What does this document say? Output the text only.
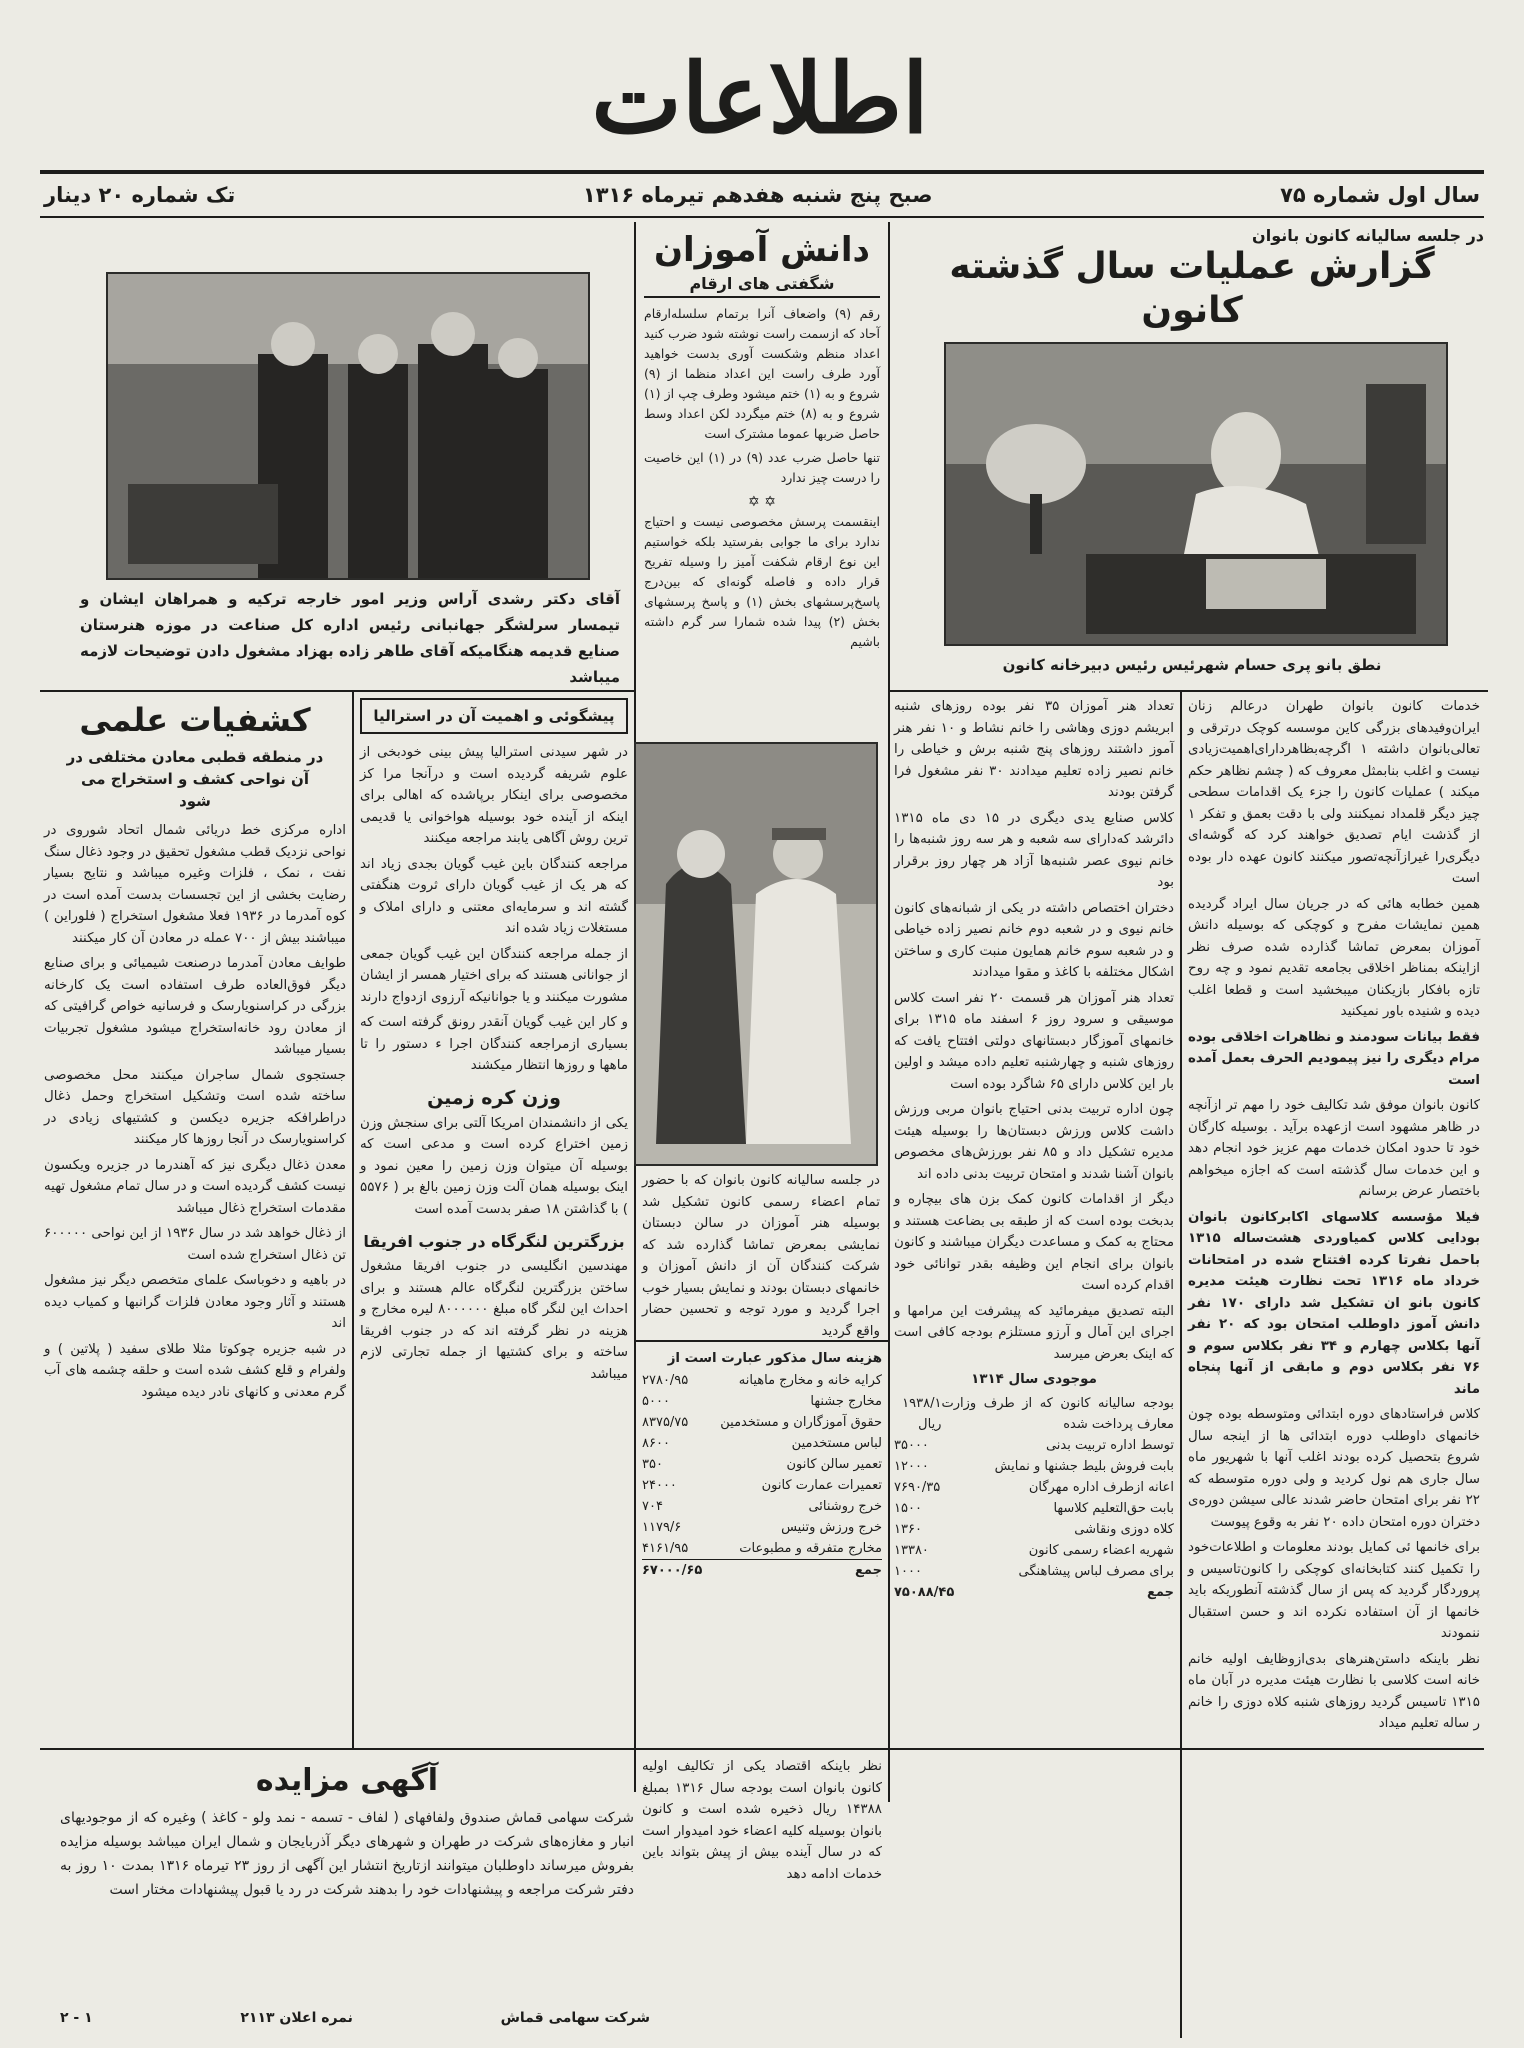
اطلاعات
تک شماره ۲۰ دینار	صبح پنج شنبه هفدهم تیرماه ۱۳۱۶	سال اول شماره ۷۵
در جلسه سالیانه کانون بانوان
گزارش عملیات سال گذشته کانون
نطق بانو پری حسام شهرئیس رئیس دبیرخانه کانون

خدمات کانون بانوان طهران درعالم زنان ایران‌وفیدهای بزرگی کاین موسسه کوچک درترقی و تعالی‌بانوان‌ داشته ۱ اگرچه‌بظاهردارای‌اهمیت‌زیادی نیست و اغلب بنابمثل معروف که ( چشم نظاهر حکم میکند ) عملیات کانون را جزء یک اقدامات سطحی چیز دیگر قلمداد نمیکنند ولی با دقت بعمق و تفکر ۱ از گذشت ایام تصدیق خواهند کرد که گوشه‌ای دیگری‌را غیرازآنچه‌تصور میکنند کانون عهده دار بوده است

همین خطابه هائی که در جریان سال ایراد گردیده همین نمایشات مفرح و کوچکی که بوسیله دانش آموزان بمعرض تماشا گذارده شده صرف نظر ازاینکه بمناظر اخلاقی بجامعه تقدیم نمود و چه روح تازه بافکار بازیکنان میبخشید است و قطعا اغلب دیده و شنیده باور نمیکنید

فقط بیانات سودمند و نظاهرات اخلاقی بوده مرام دیگری را نیز پیمودیم الحرف بعمل آمده است

کانون بانوان موفق شد تکالیف خود را مهم تر ازآنچه در ظاهر مشهود است ازعهده برآید . بوسیله کارگان خود تا حدود امکان خدمات مهم عزیز خود انجام دهد و این خدمات سال گذشته است که اجازه میخواهم باختصار عرض برسانم

فیلا مؤسسه کلاسهای اکابرکانون بانوان بودایی کلاس کمیاوردی هشت‌ساله ۱۳۱۵ باحمل نفرتا کرده افتتاح‌ شده در امتحانات خرداد ماه ۱۳۱۶ تحت نظارت هیئت مدیره کانون بانو ان تشکیل شد دارای ۱۷۰ نفر دانش آموز داوطلب امتحان بود که ۲۰ نفر آنها بکلاس چهارم و ۳۴ نفر بکلاس سوم و ۷۶ نفر بکلاس دوم و مابقی از آنها پنجاه ماند

کلاس فراستادهای دوره ابتدائی ومتوسطه بوده چون خانمهای داوطلب دوره ابتدائی ها از اینجه سال شروع بتحصیل کرده بودند اغلب آنها با شهریور ماه سال جاری هم نول کردید و ولی دوره متوسطه که ۲۲ نفر برای امتحان حاضر شدند عالی سیشن دوره‌ی دختران دوره امتحان داده ۲۰ نفر به وقوع پیوست

برای خانمها ئی کمایل بودند معلومات و اطلاعات‌خود را تکمیل کنند کتابخانه‌ای کوچکی را کانون‌تاسیس و پروردگار گردید که پس از سال گذشته آنطوریکه باید خانمها از آن استفاده نکرده اند و حسن استقبال ننمودند

نظر باینکه داستن‌هنرهای بدی‌ازوظایف اولیه خانم خانه است کلاسی با نظارت هیئت مدیره در آبان ماه ۱۳۱۵ تاسیس گردید روزهای شنبه کلاه دوزی را خانم ر ساله تعلیم میداد

تعداد هنر آموزان ۳۵ نفر بوده روزهای شنبه ابریشم دوزی وهاشی را خانم نشاط و ۱۰ نفر هنر آموز داشتند روزهای پنج شنبه برش و خیاطی را خانم نصیر زاده تعلیم میدادند ۳۰ نفر مشغول فرا گرفتن بودند

کلاس صنایع یدی دیگری در ۱۵ دی ماه ۱۳۱۵ دائرشد که‌دارای سه شعبه و هر سه روز شنبه‌ها را خانم نیوی عصر شنبه‌ها آزاد هر چهار روز برقرار بود

دختران اختصاص داشته در یکی از شبانه‌های کانون خانم نیوی و در شعبه دوم خانم نصیر زاده خیاطی و در شعبه سوم خانم همایون منبت کاری و ساختن اشکال مختلفه با کاغذ و مقوا میدادند

تعداد هنر آموزان هر قسمت ۲۰ نفر است کلاس موسیقی و سرود روز ۶ اسفند ماه ۱۳۱۵ برای خانمهای آموزگار دبستانهای دولتی افتتاح یافت که روزهای شنبه و چهارشنبه تعلیم داده میشد و اولین بار این کلاس دارای ۶۵ شاگرد بوده است

چون اداره تربیت بدنی احتیاج بانوان مربی ورزش داشت کلاس ورزش دبستان‌ها را بوسیله هیئت مدیره تشکیل داد و ۸۵ نفر بورزش‌های مخصوص بانوان آشنا شدند و امتحان تربیت بدنی داده اند

دیگر از اقدامات کانون کمک بزن های بیچاره و بدبخت بوده است که از طبقه بی بضاعت هستند و محتاج به کمک و مساعدت دیگران میباشند و کانون بانوان برای انجام این وظیفه بقدر توانائی خود اقدام کرده است

البته تصدیق میفرمائید که پیشرفت این مرامها و اجرای این آمال و آرزو مستلزم بودجه کافی است که اینک بعرض میرسد

موجودی سال ۱۳۱۴
بودجه سالیانه کانون که از طرف وزارت معارف پرداخت شده
۱۹۳۸/۱ ریال
توسط اداره تربیت بدنی
۳۵۰۰۰
بابت فروش بلیط جشنها و نمایش
۱۲۰۰۰
اعانه ازطرف اداره مهرگان
۷۶۹۰/۳۵
بابت حق‌التعلیم کلاسها
۱۵۰۰
کلاه دوزی ونقاشی
۱۳۶۰
شهریه اعضاء رسمی کانون
۱۳۳۸۰
برای مصرف لباس پیشاهنگی
۱۰۰۰
جمع
۷۵۰۸۸/۴۵
دانش آموزان
شگفتی های ارقام

رقم (۹) واضعاف آنرا برتمام سلسله‌ارقام آحاد که ازسمت راست نوشته شود ضرب کنید اعداد منظم وشکست آوری بدست خواهید آورد طرف راست این اعداد منظما از (۹) شروع و به (۱) ختم میشود وطرف چپ از (۱) شروع و به (۸) ختم میگردد لکن اعداد وسط حاصل ضربها عموما مشترک است

تنها حاصل ضرب عدد (۹) در (۱) این خاصیت را درست چیز ندارد

✡ ✡

اینقسمت پرسش مخصوصی نیست و احتیاج ندارد برای ما جوابی بفرستید بلکه خواستیم این نوع ارقام شکفت آمیز را وسیله تفریح قرار داده و فاصله گونه‌ای که بین‌درج پاسخ‌پرسشهای بخش (۱) و پاسخ پرسشهای بخش (۲) پیدا شده شمارا سر گرم داشته باشیم

آقای دکتر رشدی آراس وزیر امور خارجه ترکیه و همراهان ایشان و تیمسار سرلشگر جهانبانی رئیس اداره کل صناعت در موزه هنرستان صنایع قدیمه هنگامیکه آقای طاهر زاده بهزاد مشغول دادن توضیحات لازمه میباشد
کشفیات علمی
در منطقه قطبی معادن مختلفی در آن نواحی کشف و استخراج می شود

اداره مرکزی خط دریائی شمال اتحاد شوروی در نواحی نزدیک قطب مشغول تحقیق در وجود ذغال سنگ نفت ، نمک ، فلزات وغیره میباشد و نتایج بسیار رضایت بخشی از این تجسسات بدست آمده است در کوه آمدرما در ۱۹۳۶ فعلا مشغول استخراج ( فلوراین ) میباشند بیش از ۷۰۰ عمله در معادن آن کار میکنند

طوایف معادن آمدرما درصنعت شیمیائی و برای صنایع دیگر فوق‌العاده طرف استفاده است یک کارخانه بزرگی در کراسنویارسک و فرسانیه خواص گرافیتی که از معادن رود خانه‌استخراج میشود مشغول تجربیات بسیار میباشد

جستجوی شمال ساجران میکنند محل مخصوصی ساخته شده است وتشکیل استخراج وحمل ذغال دراطرافکه جزیره دیکسن و کشتیهای زیادی در کراسنویارسک در آنجا روزها کار میکنند

معدن ذغال دیگری نیز که آهندرما در جزیره ویکسون نیست کشف گردیده است و در سال تمام مشغول تهیه مقدمات استخراج ذغال میباشد

از ذغال خواهد شد در سال ۱۹۳۶ از این نواحی ۶۰۰۰۰۰ تن ذغال استخراج شده است

در باهیه و دخوباسک علمای متخصص دیگر نیز مشغول هستند و آثار وجود معادن فلزات گرانبها و کمیاب دیده اند

در شبه جزیره چوکوتا مثلا طلای سفید ( پلاتین ) و ولفرام و قلع کشف شده است و حلقه چشمه های آب گرم معدنی و کانهای نادر دیده میشود

پیشگوئی و اهمیت آن در استرالیا

در شهر سیدنی استرالیا پیش بینی خودبخی از علوم شریفه گردیده است و درآنجا مرا کز مخصوصی برای اینکار برپاشده که اهالی برای اینکه از آینده خود بوسیله هواخوانی یا قدیمی ترین روش آگاهی یابند مراجعه میکنند

مراجعه کنندگان باین غیب گویان بجدی زیاد اند که هر یک از غیب گویان دارای ثروت هنگفتی گشته اند و سرمایه‌ای معتنی و دارای املاک و مستغلات زیاد شده اند

از جمله مراجعه کنندگان این غیب گویان جمعی از جوانانی هستند که برای اختیار همسر از ایشان مشورت میکنند و یا جوانانیکه آرزوی ازدواج دارند

و کار این غیب گویان آنقدر رونق گرفته است که بسیاری ازمراجعه کنندگان اجرا ء دستور را تا ماهها و روزها انتظار میکشند

وزن کره زمین
یکی از دانشمندان امریکا آلتی برای سنجش وزن زمین اختراع کرده است و مدعی است که بوسیله آن میتوان وزن زمین را معین نمود و اینک بوسیله همان آلت وزن زمین بالغ بر ( ۵۵۷۶ ) با گذاشتن ۱۸ صفر بدست آمده است
بزرگترین لنگرگاه در جنوب افریقا
مهندسین انگلیسی در جنوب افریقا مشغول ساختن بزرگترین لنگرگاه عالم هستند و برای احداث این لنگر گاه مبلغ ۸۰۰۰۰۰۰ لیره مخارج و هزینه در نظر گرفته اند که در جنوب افریقا ساخته و برای کشتیها از جمله تجارتی لازم میباشد
در جلسه سالیانه کانون بانوان که با حضور تمام اعضاء رسمی کانون تشکیل شد بوسیله هنر آموزان در سالن دبستان نمایشی بمعرض تماشا گذارده شد که شرکت کنندگان آن از دانش آموزان و خانمهای دبستان بودند و نمایش بسیار خوب اجرا گردید و مورد توجه و تحسین حضار واقع گردید
هزینه سال مذکور عبارت است از
کرایه خانه و مخارج ماهیانه
۲۷۸۰/۹۵
مخارج جشنها
۵۰۰۰
حقوق آموزگاران و مستخدمین
۸۳۷۵/۷۵
لباس مستخدمین
۸۶۰۰
تعمیر سالن کانون
۳۵۰
تعمیرات عمارت کانون
۲۴۰۰۰
خرج روشنائی
۷۰۴
خرج ورزش وتنیس
۱۱۷۹/۶
مخارج متفرقه و مطبوعات
۴۱۶۱/۹۵
جمع
۶۷۰۰۰/۶۵
نظر باینکه اقتصاد یکی از تکالیف اولیه کانون بانوان است بودجه سال ۱۳۱۶ بمبلغ ۱۴۳۸۸ ریال ذخیره شده است و کانون بانوان بوسیله کلیه اعضاء خود امیدوار است که در سال آینده بیش از پیش بتواند باین خدمات ادامه دهد
آگهی مزایده
شرکت سهامی قماش صندوق ولفافهای ( لفاف - تسمه - نمد ولو - کاغذ ) وغیره که از موجودیهای انبار و مغازه‌های شرکت در طهران و شهرهای دیگر آذربایجان و شمال ایران میباشد بوسیله مزایده بفروش میرساند داوطلبان میتوانند ازتاریخ انتشار این آگهی از روز ۲۳ تیرماه ۱۳۱۶ بمدت ۱۰ روز به دفتر شرکت مراجعه و پیشنهادات خود را بدهند شرکت در رد یا قبول پیشنهادات مختار است
شرکت سهامی قماش
نمره اعلان ۲۱۱۳
۱ - ۲
